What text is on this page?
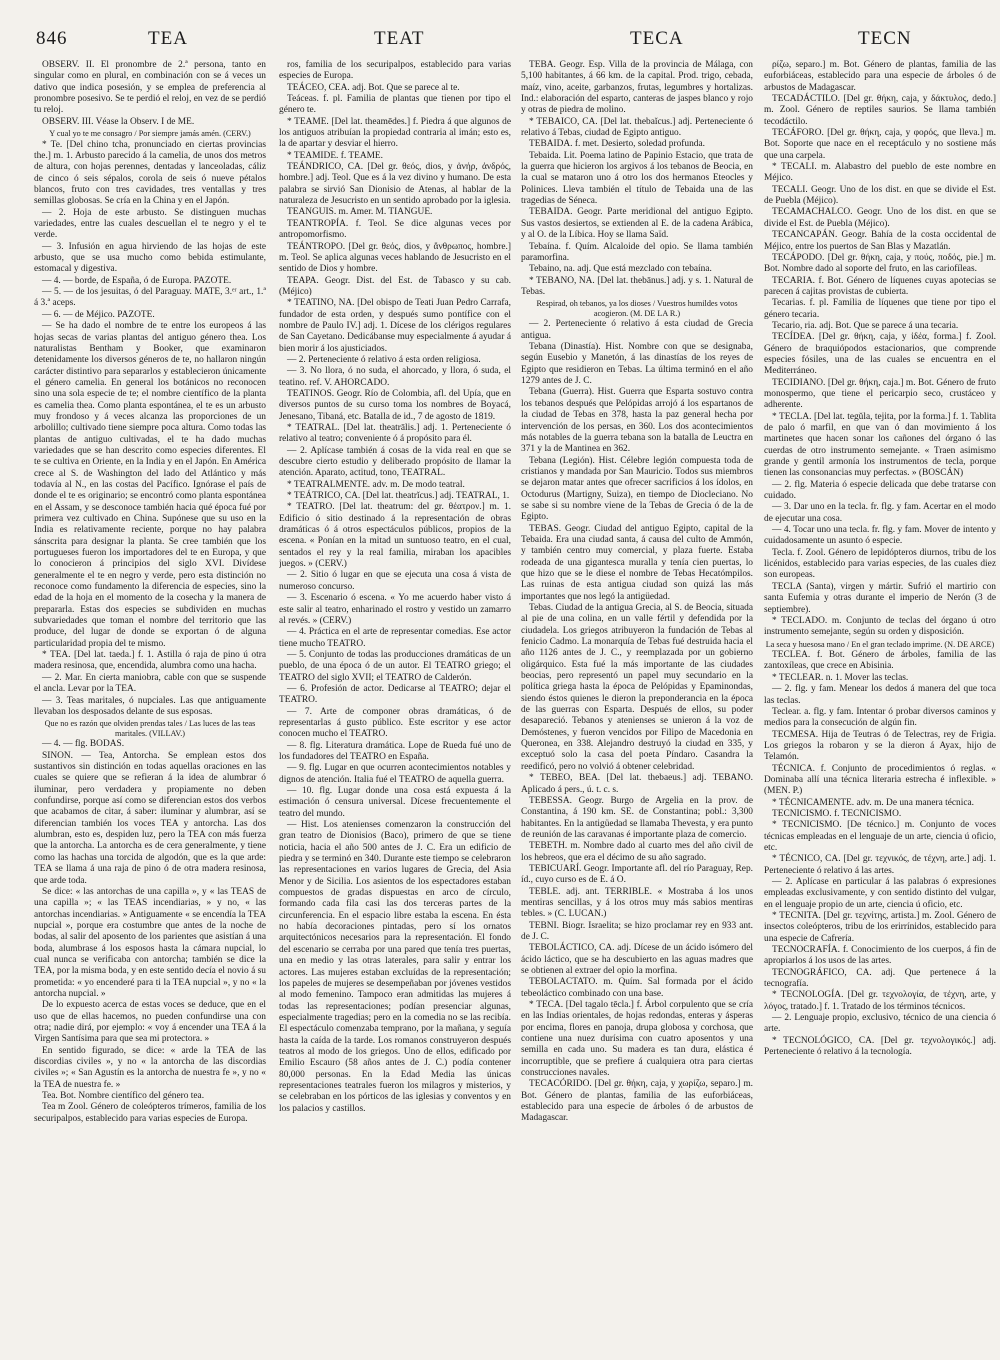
846	TEA	TEAT	TECA	TECN

OBSERV. II. El pronombre de 2.ª persona, tanto en singular como en plural, en combinación con se á veces un dativo que indica posesión, y se emplea de preferencia al pronombre posesivo. Se te perdió el reloj, en vez de se perdió tu reloj.

OBSERV. III. Véase la Observ. I de ME.

Y cual yo te me consagro / Por siempre jamás amén. (CERV.)

* Te. [Del chino tcha, pronunciado en ciertas provincias the.] m. 1. Arbusto parecido á la camelia, de unos dos metros de altura, con hojas perennes, dentadas y lanceoladas, cáliz de cinco ó seis sépalos, corola de seis ó nueve pétalos blancos, fruto con tres cavidades, tres ventallas y tres semillas globosas. Se cría en la China y en el Japón.

— 2. Hoja de este arbusto. Se distinguen muchas variedades, entre las cuales descuellan el te negro y el te verde.

— 3. Infusión en agua hirviendo de las hojas de este arbusto, que se usa mucho como bebida estimulante, estomacal y digestiva.

— 4. — borde, de España, ó de Europa. PAZOTE.

— 5. — de los jesuitas, ó del Paraguay. MATE, 3.ᵉʳ art., 1.ª á 3.ª aceps.

— 6. — de Méjico. PAZOTE.

— Se ha dado el nombre de te entre los europeos á las hojas secas de varias plantas del antiguo género thea. Los naturalistas Bentham y Booker, que examinaron detenidamente los diversos géneros de te, no hallaron ningún carácter distintivo para separarlos y establecieron únicamente el género camelia. En general los botánicos no reconocen sino una sola especie de te; el nombre científico de la planta es camelia thea. Como planta espontánea, el te es un arbusto muy frondoso y á veces alcanza las proporciones de un arbolillo; cultivado tiene siempre poca altura. Como todas las plantas de antiguo cultivadas, el te ha dado muchas variedades que se han descrito como especies diferentes. El te se cultiva en Oriente, en la India y en el Japón. En América crece al S. de Washington del lado del Atlántico y más todavía al N., en las costas del Pacífico. Ignórase el país de donde el te es originario; se encontró como planta espontánea en el Assam, y se desconoce también hacia qué época fué por primera vez cultivado en China. Supónese que su uso en la India es relativamente reciente, porque no hay palabra sánscrita para designar la planta. Se cree también que los portugueses fueron los importadores del te en Europa, y que lo conocieron á principios del siglo XVI. Divídese generalmente el te en negro y verde, pero esta distinción no reconoce como fundamento la diferencia de especies, sino la edad de la hoja en el momento de la cosecha y la manera de prepararla. Estas dos especies se subdividen en muchas subvariedades que toman el nombre del territorio que las produce, del lugar de donde se exportan ó de alguna particularidad propia del te mismo.

* TEA. [Del lat. taeda.] f. 1. Astilla ó raja de pino ú otra madera resinosa, que, encendida, alumbra como una hacha.

— 2. Mar. En cierta maniobra, cable con que se suspende el ancla. Levar por la TEA.

— 3. Teas maritales, ó nupciales. Las que antiguamente llevaban los desposados delante de sus esposas.

Que no es razón que olviden prendas tales / Las luces de las teas maritales. (VILLAV.)

— 4. — flg. BODAS.

SINON. — Tea, Antorcha. Se emplean estos dos sustantivos sin distinción en todas aquellas oraciones en las cuales se quiere que se refieran á la idea de alumbrar ó iluminar, pero verdadera y propiamente no deben confundirse, porque así como se diferencian estos dos verbos que acabamos de citar, á saber: iluminar y alumbrar, así se diferencian también los voces TEA y antorcha. Las dos alumbran, esto es, despiden luz, pero la TEA con más fuerza que la antorcha. La antorcha es de cera generalmente, y tiene como las hachas una torcida de algodón, que es la que arde: TEA se llama á una raja de pino ó de otra madera resinosa, que arde toda.

Se dice: « las antorchas de una capilla », y « las TEAS de una capilla »; « las TEAS incendiarias, » y no, « las antorchas incendiarias. » Antiguamente « se encendía la TEA nupcial », porque era costumbre que antes de la noche de bodas, al salir del aposento de los parientes que asistían á una boda, alumbrase á los esposos hasta la cámara nupcial, lo cual nunca se verificaba con antorcha; también se dice la TEA, por la misma boda, y en este sentido decía el novio á su prometida: « yo encenderé para ti la TEA nupcial », y no « la antorcha nupcial. »

De lo expuesto acerca de estas voces se deduce, que en el uso que de ellas hacemos, no pueden confundirse una con otra; nadie dirá, por ejemplo: « voy á encender una TEA á la Virgen Santísima para que sea mi protectora. »

En sentido figurado, se dice: « arde la TEA de las discordias civiles », y no « la antorcha de las discordias civiles »; « San Agustín es la antorcha de nuestra fe », y no « la TEA de nuestra fe. »

Tea. Bot. Nombre científico del género tea.

Tea m Zool. Género de coleópteros trímeros, familia de los securipalpos, establecido para varias especies de Europa.

ros, familia de los securipalpos, establecido para varias especies de Europa.

TEÁCEO, CEA. adj. Bot. Que se parece al te.

Teáceas. f. pl. Familia de plantas que tienen por tipo el género te.

* TEAME. [Del lat. theamēdes.] f. Piedra á que algunos de los antiguos atribuían la propiedad contraria al imán; esto es, la de apartar y desviar el hierro.

* TEAMIDE. f. TEAME.

TEÁNDRICO, CA. [Del gr. θεός, dios, y ἀνήρ, ἀνδρός, hombre.] adj. Teol. Que es á la vez divino y humano. De esta palabra se sirvió San Dionisio de Atenas, al hablar de la naturaleza de Jesucristo en un sentido aprobado por la iglesia.

TEANGUIS. m. Amer. M. TIANGUE.

TEANTROPÍA. f. Teol. Se dice algunas veces por antropomorfismo.

TEÁNTROPO. [Del gr. θεός, dios, y ἄνθρωπος, hombre.] m. Teol. Se aplica algunas veces hablando de Jesucristo en el sentido de Dios y hombre.

TEAPA. Geogr. Dist. del Est. de Tabasco y su cab. (Méjico)

* TEATINO, NA. [Del obispo de Teati Juan Pedro Carrafa, fundador de esta orden, y después sumo pontífice con el nombre de Paulo IV.] adj. 1. Dícese de los clérigos regulares de San Cayetano. Dedicábanse muy especialmente á ayudar á bien morir á los ajusticiados.

— 2. Perteneciente ó relativo á esta orden religiosa.

— 3. No llora, ó no suda, el ahorcado, y llora, ó suda, el teatino. ref. V. AHORCADO.

TEATINOS. Geogr. Río de Colombia, afl. del Upía, que en diversos puntos de su curso toma los nombres de Boyacá, Jenesano, Tibaná, etc. Batalla de id., 7 de agosto de 1819.

* TEATRAL. [Del lat. theatrālis.] adj. 1. Perteneciente ó relativo al teatro; conveniente ó á propósito para él.

— 2. Aplícase también á cosas de la vida real en que se descubre cierto estudio y deliberado propósito de llamar la atención. Aparato, actitud, tono, TEATRAL.

* TEATRALMENTE. adv. m. De modo teatral.

* TEÁTRICO, CA. [Del lat. theatrĭcus.] adj. TEATRAL, 1.

* TEATRO. [Del lat. theatrum: del gr. θέατρον.] m. 1. Edificio ó sitio destinado á la representación de obras dramáticas ó á otros espectáculos públicos, propios de la escena. « Ponían en la mitad un suntuoso teatro, en el cual, sentados el rey y la real familia, miraban los apacibles juegos. » (CERV.)

— 2. Sitio ó lugar en que se ejecuta una cosa á vista de numeroso concurso.

— 3. Escenario ó escena. « Yo me acuerdo haber visto á este salir al teatro, enharinado el rostro y vestido un zamarro al revés. » (CERV.)

— 4. Práctica en el arte de representar comedias. Ese actor tiene mucho TEATRO.

— 5. Conjunto de todas las producciones dramáticas de un pueblo, de una época ó de un autor. El TEATRO griego; el TEATRO del siglo XVII; el TEATRO de Calderón.

— 6. Profesión de actor. Dedicarse al TEATRO; dejar el TEATRO.

— 7. Arte de componer obras dramáticas, ó de representarlas á gusto público. Este escritor y ese actor conocen mucho el TEATRO.

— 8. flg. Literatura dramática. Lope de Rueda fué uno de los fundadores del TEATRO en España.

— 9. flg. Lugar en que ocurren acontecimientos notables y dignos de atención. Italia fué el TEATRO de aquella guerra.

— 10. flg. Lugar donde una cosa está expuesta á la estimación ó censura universal. Dícese frecuentemente el teatro del mundo.

— Hist. Los atenienses comenzaron la construcción del gran teatro de Dionisios (Baco), primero de que se tiene noticia, hacia el año 500 antes de J. C. Era un edificio de piedra y se terminó en 340. Durante este tiempo se celebraron las representaciones en varios lugares de Grecia, del Asia Menor y de Sicilia. Los asientos de los espectadores estaban compuestos de gradas dispuestas en arco de círculo, formando cada fila casi las dos terceras partes de la circunferencia. En el espacio libre estaba la escena. En ésta no había decoraciones pintadas, pero sí los ornatos arquitectónicos necesarios para la representación. El fondo del escenario se cerraba por una pared que tenía tres puertas, una en medio y las otras laterales, para salir y entrar los actores. Las mujeres estaban excluídas de la representación; los papeles de mujeres se desempeñaban por jóvenes vestidos al modo femenino. Tampoco eran admitidas las mujeres á todas las representaciones; podían presenciar algunas, especialmente tragedias; pero en la comedia no se las recibía. El espectáculo comenzaba temprano, por la mañana, y seguía hasta la caída de la tarde. Los romanos construyeron después teatros al modo de los griegos. Uno de ellos, edificado por Emilio Escauro (58 años antes de J. C.) podía contener 80,000 personas. En la Edad Media las únicas representaciones teatrales fueron los milagros y misterios, y se celebraban en los pórticos de las iglesias y conventos y en los palacios y castillos.

TEBA. Geogr. Esp. Villa de la provincia de Málaga, con 5,100 habitantes, á 66 km. de la capital. Prod. trigo, cebada, maíz, vino, aceite, garbanzos, frutas, legumbres y hortalizas. Ind.: elaboración del esparto, canteras de jaspes blanco y rojo y otras de piedra de molino.

* TEBAICO, CA. [Del lat. thebaĭcus.] adj. Perteneciente ó relativo á Tebas, ciudad de Egipto antiguo.

TEBAIDA. f. met. Desierto, soledad profunda.

Tebaida. Lit. Poema latino de Papinio Estacio, que trata de la guerra que hicieron los argivos á los tebanos de Beocia, en la cual se mataron uno á otro los dos hermanos Eteocles y Polinices. Lleva también el título de Tebaida una de las tragedias de Séneca.

TEBAIDA. Geogr. Parte meridional del antiguo Egipto. Sus vastos desiertos, se extienden al E. de la cadena Arábica, y al O. de la Líbica. Hoy se llama Saïd.

Tebaína. f. Quím. Alcaloide del opio. Se llama también paramorfina.

Tebaino, na. adj. Que está mezclado con tebaína.

* TEBANO, NA. [Del lat. thebānus.] adj. y s. 1. Natural de Tebas.

Respirad, oh tebanos, ya los dioses / Vuestros humildes votos acogieron. (M. DE LA R.)

— 2. Perteneciente ó relativo á esta ciudad de Grecia antigua.

Tebana (Dinastía). Hist. Nombre con que se designaba, según Eusebio y Manetón, á las dinastías de los reyes de Egipto que residieron en Tebas. La última terminó en el año 1279 antes de J. C.

Tebana (Guerra). Hist. Guerra que Esparta sostuvo contra los tebanos después que Pelópidas arrojó á los espartanos de la ciudad de Tebas en 378, hasta la paz general hecha por intervención de los persas, en 360. Los dos acontecimientos más notables de la guerra tebana son la batalla de Leuctra en 371 y la de Mantinea en 362.

Tebana (Legión). Hist. Célebre legión compuesta toda de cristianos y mandada por San Mauricio. Todos sus miembros se dejaron matar antes que ofrecer sacrificios á los ídolos, en Octodurus (Martigny, Suiza), en tiempo de Diocleciano. No se sabe si su nombre viene de la Tebas de Grecia ó de la de Egipto.

TEBAS. Geogr. Ciudad del antiguo Egipto, capital de la Tebaida. Era una ciudad santa, á causa del culto de Ammón, y también centro muy comercial, y plaza fuerte. Estaba rodeada de una gigantesca muralla y tenía cien puertas, lo que hizo que se le diese el nombre de Tebas Hecatómpilos. Las ruinas de esta antigua ciudad son quizá las más importantes que nos legó la antigüedad.

Tebas. Ciudad de la antigua Grecia, al S. de Beocia, situada al pie de una colina, en un valle fértil y defendida por la ciudadela. Los griegos atribuyeron la fundación de Tebas al fenicio Cadmo. La monarquía de Tebas fué destruida hacia el año 1126 antes de J. C., y reemplazada por un gobierno oligárquico. Esta fué la más importante de las ciudades beocias, pero representó un papel muy secundario en la política griega hasta la época de Pelópidas y Epaminondas, siendo éstos quienes le dieron la preponderancia en la época de las guerras con Esparta. Después de ellos, su poder desapareció. Tebanos y atenienses se unieron á la voz de Demóstenes, y fueron vencidos por Filipo de Macedonia en Queronea, en 338. Alejandro destruyó la ciudad en 335, y exceptuó solo la casa del poeta Píndaro. Casandra la reedificó, pero no volvió á obtener celebridad.

* TEBEO, BEA. [Del lat. thebaeus.] adj. TEBANO. Aplicado á pers., ú. t. c. s.

TEBESSA. Geogr. Burgo de Argelia en la prov. de Constantina, á 190 km. SE. de Constantina; pobl.: 3,300 habitantes. En la antigüedad se llamaba Thevesta, y era punto de reunión de las caravanas é importante plaza de comercio.

TEBETH. m. Nombre dado al cuarto mes del año civil de los hebreos, que era el décimo de su año sagrado.

TEBICUARÍ. Geogr. Importante afl. del río Paraguay, Rep. íd., cuyo curso es de E. á O.

TEBLE. adj. ant. TERRIBLE. « Mostraba á los unos mentiras sencillas, y á los otros muy más sabios mentiras tebles. » (C. LUCAN.)

TEBNI. Biogr. Israelita; se hizo proclamar rey en 933 ant. de J. C.

TEBOLÁCTICO, CA. adj. Dícese de un ácido isómero del ácido láctico, que se ha descubierto en las aguas madres que se obtienen al extraer del opio la morfina.

TEBOLACTATO. m. Quím. Sal formada por el ácido tebeoláctico combinado con una base.

* TECA. [Del tagalo tēcla.] f. Árbol corpulento que se cría en las Indias orientales, de hojas redondas, enteras y ásperas por encima, flores en panoja, drupa globosa y corchosa, que contiene una nuez durísima con cuatro aposentos y una semilla en cada uno. Su madera es tan dura, elástica é incorruptible, que se prefiere á cualquiera otra para ciertas construcciones navales.

TECACÓRIDO. [Del gr. θήκη, caja, y χωρίζω, separo.] m. Bot. Género de plantas, familia de las euforbiáceas, establecido para una especie de árboles ó de arbustos de Madagascar.

ρίζω, separo.] m. Bot. Género de plantas, familia de las euforbiáceas, establecido para una especie de árboles ó de arbustos de Madagascar.

TECADÁCTILO. [Del gr. θήκη, caja, y δάκτυλος, dedo.] m. Zool. Género de reptiles saurios. Se llama también tecodáctilo.

TECÁFORO. [Del gr. θήκη, caja, y φορός, que lleva.] m. Bot. Soporte que nace en el receptáculo y no sostiene más que una carpela.

* TECALI. m. Alabastro del pueblo de este nombre en Méjico.

TECALI. Geogr. Uno de los dist. en que se divide el Est. de Puebla (Méjico).

TECAMACHALCO. Geogr. Uno de los dist. en que se divide el Est. de Puebla (Méjico).

TECANCAPÁN. Geogr. Bahía de la costa occidental de Méjico, entre los puertos de San Blas y Mazatlán.

TECÁPODO. [Del gr. θήκη, caja, y πούς, ποδός, pie.] m. Bot. Nombre dado al soporte del fruto, en las cariofíleas.

TECARIA. f. Bot. Género de líquenes cuyas apotecias se parecen á cajitas provistas de cubierta.

Tecarias. f. pl. Familia de líquenes que tiene por tipo el género tecaria.

Tecario, ria. adj. Bot. Que se parece á una tecaria.

TECÍDEA. [Del gr. θήκη, caja, y ἰδέα, forma.] f. Zool. Género de braquiópodos estacionarios, que comprende especies fósiles, una de las cuales se encuentra en el Mediterráneo.

TECIDIANO. [Del gr. θήκη, caja.] m. Bot. Género de fruto monospermo, que tiene el pericarpio seco, crustáceo y adherente.

* TECLA. [Del lat. tegŭla, tejita, por la forma.] f. 1. Tablita de palo ó marfil, en que van ó dan movimiento á los martinetes que hacen sonar los cañones del órgano ó las cuerdas de otro instrumento semejante. « Traen asimismo grande y gentil armonía los instrumentos de tecla, porque tienen las consonancias muy perfectas. » (BOSCÁN)

— 2. flg. Materia ó especie delicada que debe tratarse con cuidado.

— 3. Dar uno en la tecla. fr. flg. y fam. Acertar en el modo de ejecutar una cosa.

— 4. Tocar uno una tecla. fr. flg. y fam. Mover de intento y cuidadosamente un asunto ó especie.

Tecla. f. Zool. Género de lepidópteros diurnos, tribu de los licénidos, establecido para varias especies, de las cuales diez son europeas.

TECLA (Santa), virgen y mártir. Sufrió el martirio con santa Eufemia y otras durante el imperio de Nerón (3 de septiembre).

* TECLADO. m. Conjunto de teclas del órgano ú otro instrumento semejante, según su orden y disposición.

La seca y huesosa mano / En el gran teclado imprime. (N. DE ARCE)

TECLEA. f. Bot. Género de árboles, familia de las zantoxíleas, que crece en Abisinia.

* TECLEAR. n. 1. Mover las teclas.

— 2. flg. y fam. Menear los dedos á manera del que toca las teclas.

Teclear. a. flg. y fam. Intentar ó probar diversos caminos y medios para la consecución de algún fin.

TECMESA. Hija de Teutras ó de Telectras, rey de Frigia. Los griegos la robaron y se la dieron á Ayax, hijo de Telamón.

TÉCNICA. f. Conjunto de procedimientos ó reglas. « Dominaba allí una técnica literaria estrecha é inflexible. » (MEN. P.)

* TÉCNICAMENTE. adv. m. De una manera técnica.

TECNICISMO. f. TECNICISMO.

* TECNICISMO. [De técnico.] m. Conjunto de voces técnicas empleadas en el lenguaje de un arte, ciencia ú oficio, etc.

* TÉCNICO, CA. [Del gr. τεχνικός, de τέχνη, arte.] adj. 1. Perteneciente ó relativo á las artes.

— 2. Aplícase en particular á las palabras ó expresiones empleadas exclusivamente, y con sentido distinto del vulgar, en el lenguaje propio de un arte, ciencia ú oficio, etc.

* TECNITA. [Del gr. τεχνίτης, artista.] m. Zool. Género de insectos coleópteros, tribu de los erirrínidos, establecido para una especie de Cafrería.

TECNOCRAFÍA. f. Conocimiento de los cuerpos, á fin de apropiarlos á los usos de las artes.

TECNOGRÁFICO, CA. adj. Que pertenece á la tecnografía.

* TECNOLOGÍA. [Del gr. τεχνολογία, de τέχνη, arte, y λόγος, tratado.] f. 1. Tratado de los términos técnicos.

— 2. Lenguaje propio, exclusivo, técnico de una ciencia ó arte.

* TECNOLÓGICO, CA. [Del gr. τεχνολογικός.] adj. Perteneciente ó relativo á la tecnología.
